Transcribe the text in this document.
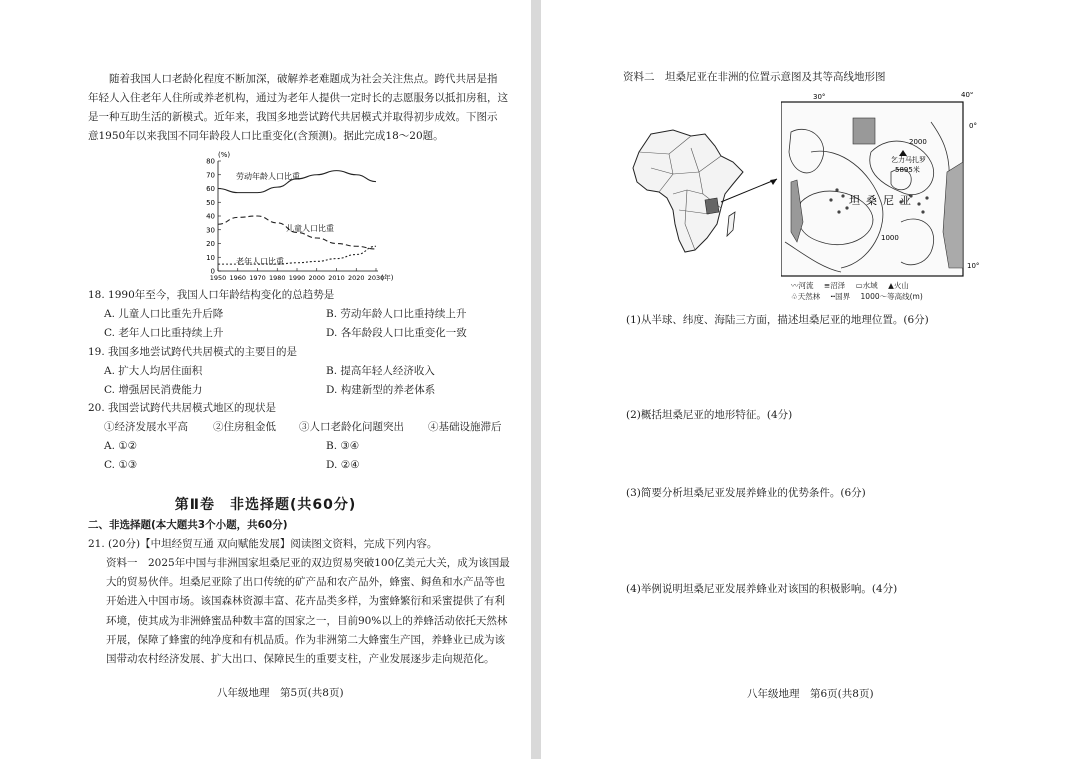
随着我国人口老龄化程度不断加深，破解养老难题成为社会关注焦点。跨代共居是指

年轻人入住老年人住所或养老机构，通过为老年人提供一定时长的志愿服务以抵扣房租，这

是一种互助生活的新模式。近年来，我国多地尝试跨代共居模式并取得初步成效。下图示

意1950年以来我国不同年龄段人口比重变化(含预测)。据此完成18～20题。

0
10
20
30
40
50
60
70
80
1950 1960 1970 1980 1990 2000 2010 2020 2030
(%)
(年)
劳动年龄人口比重
儿童人口比重
老年人口比重
18. 1990年至今，我国人口年龄结构变化的总趋势是
A. 儿童人口比重先升后降	B. 劳动年龄人口比重持续上升
C. 老年人口比重持续上升	D. 各年龄段人口比重变化一致
19. 我国多地尝试跨代共居模式的主要目的是
A. 扩大人均居住面积	B. 提高年轻人经济收入
C. 增强居民消费能力	D. 构建新型的养老体系
20. 我国尝试跨代共居模式地区的现状是
①经济发展水平高 ②住房租金低 ③人口老龄化问题突出 ④基础设施滞后
A. ①②	B. ③④
C. ①③	D. ②④
第Ⅱ卷　非选择题(共60分)
二、非选择题(本大题共3个小题，共60分)
21. (20分)【中坦经贸互通 双向赋能发展】阅读图文资料，完成下列内容。

资料一　2025年中国与非洲国家坦桑尼亚的双边贸易突破100亿美元大关，成为该国最

大的贸易伙伴。坦桑尼亚除了出口传统的矿产品和农产品外，蜂蜜、鲟鱼和水产品等也

开始进入中国市场。该国森林资源丰富、花卉品类多样，为蜜蜂繁衍和采蜜提供了有利

环境，使其成为非洲蜂蜜品种数丰富的国家之一，目前90%以上的养蜂活动依托天然林

开展，保障了蜂蜜的纯净度和有机品质。作为非洲第二大蜂蜜生产国，养蜂业已成为该

国带动农村经济发展、扩大出口、保障民生的重要支柱，产业发展逐步走向规范化。

八年级地理　第5页(共8页)
资料二　坦桑尼亚在非洲的位置示意图及其等高线地形图
30°	40°
0°
10°
2000
1000
乞力马扎罗
5895米
坦桑尼亚
〰河流 ≡沼泽 ▭水域 ▲火山
♧天然林 ┅国界 1000～等高线(m)
(1)从半球、纬度、海陆三方面，描述坦桑尼亚的地理位置。(6分)
(2)概括坦桑尼亚的地形特征。(4分)
(3)简要分析坦桑尼亚发展养蜂业的优势条件。(6分)
(4)举例说明坦桑尼亚发展养蜂业对该国的积极影响。(4分)
八年级地理　第6页(共8页)
